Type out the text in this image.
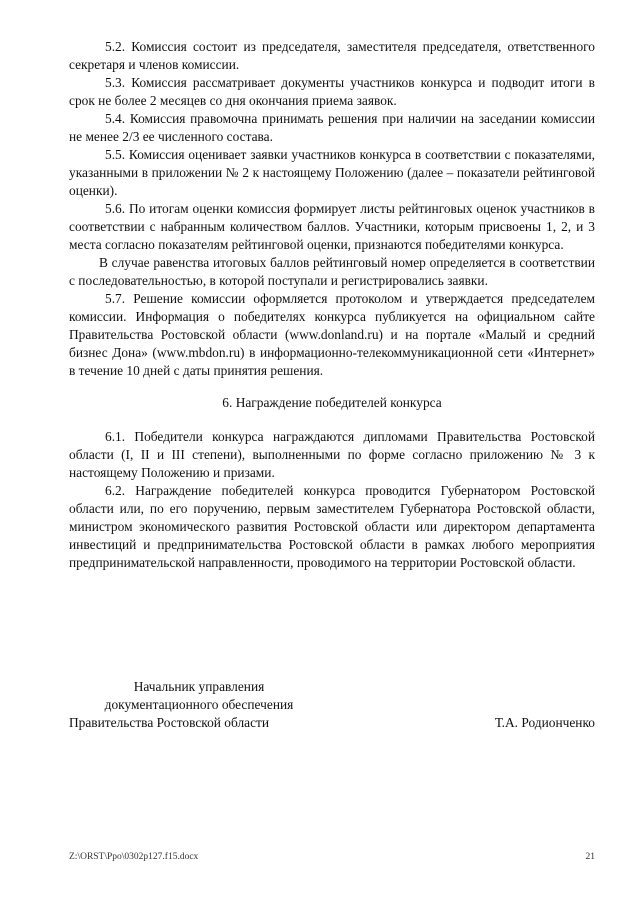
5.2. Комиссия состоит из председателя, заместителя председателя, ответственного секретаря и членов комиссии.

5.3. Комиссия рассматривает документы участников конкурса и подводит итоги в срок не более 2 месяцев со дня окончания приема заявок.

5.4. Комиссия правомочна принимать решения при наличии на заседании комиссии не менее 2/3 ее численного состава.

5.5. Комиссия оценивает заявки участников конкурса в соответствии с показателями, указанными в приложении № 2 к настоящему Положению (далее – показатели рейтинговой оценки).

5.6. По итогам оценки комиссия формирует листы рейтинговых оценок участников в соответствии с набранным количеством баллов. Участники, которым присвоены 1, 2, и 3 места согласно показателям рейтинговой оценки, признаются победителями конкурса.

В случае равенства итоговых баллов рейтинговый номер определяется в соответствии с последовательностью, в которой поступали и регистрировались заявки.

5.7. Решение комиссии оформляется протоколом и утверждается председателем комиссии. Информация о победителях конкурса публикуется на официальном сайте Правительства Ростовской области (www.donland.ru) и на портале «Малый и средний бизнес Дона» (www.mbdon.ru) в информационно-телекоммуникационной сети «Интернет» в течение 10 дней с даты принятия решения.

6. Награждение победителей конкурса

6.1. Победители конкурса награждаются дипломами Правительства Ростовской области (I, II и III степени), выполненными по форме согласно приложению № 3 к настоящему Положению и призами.

6.2. Награждение победителей конкурса проводится Губернатором Ростовской области или, по его поручению, первым заместителем Губернатора Ростовской области, министром экономического развития Ростовской области или директором департамента инвестиций и предпринимательства Ростовской области в рамках любого мероприятия предпринимательской направленности, проводимого на территории Ростовской области.

Начальник управления
документационного обеспечения
Правительства Ростовской области	Т.А. Родионченко
Z:\ORST\Ppo\0302p127.f15.docx	21
